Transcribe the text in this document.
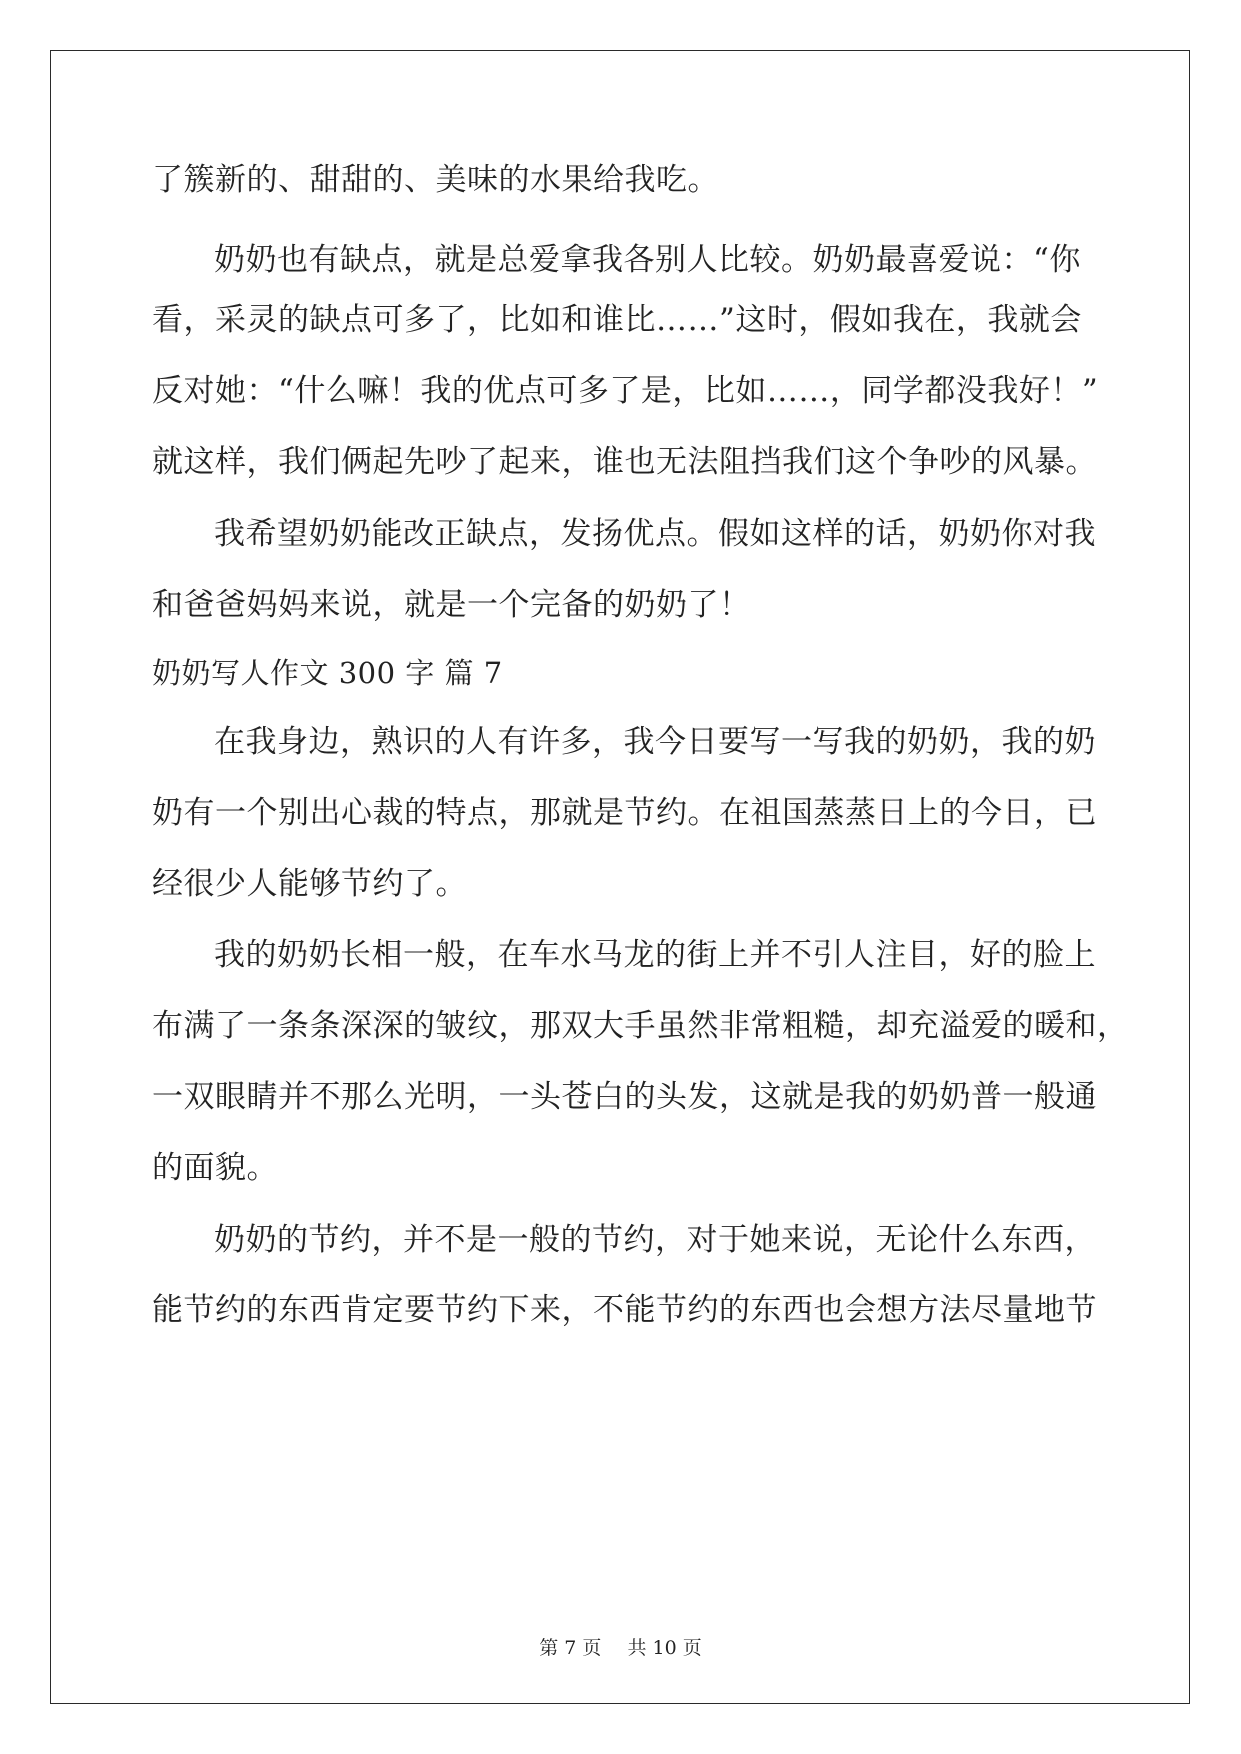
了簇新的、甜甜的、美味的水果给我吃。
奶奶也有缺点，就是总爱拿我各别人比较。奶奶最喜爱说：“你
看，采灵的缺点可多了，比如和谁比……”这时，假如我在，我就会
反对她：“什么嘛！我的优点可多了是，比如……，同学都没我好！”
就这样，我们俩起先吵了起来，谁也无法阻挡我们这个争吵的风暴。
我希望奶奶能改正缺点，发扬优点。假如这样的话，奶奶你对我
和爸爸妈妈来说，就是一个完备的奶奶了！
奶奶写人作文 300 字 篇 7
在我身边，熟识的人有许多，我今日要写一写我的奶奶，我的奶
奶有一个别出心裁的特点，那就是节约。在祖国蒸蒸日上的今日，已
经很少人能够节约了。
我的奶奶长相一般，在车水马龙的街上并不引人注目，好的脸上
布满了一条条深深的皱纹，那双大手虽然非常粗糙，却充溢爱的暖和，
一双眼睛并不那么光明，一头苍白的头发，这就是我的奶奶普一般通
的面貌。
奶奶的节约，并不是一般的节约，对于她来说，无论什么东西，
能节约的东西肯定要节约下来，不能节约的东西也会想方法尽量地节
第 7 页 共 10 页
